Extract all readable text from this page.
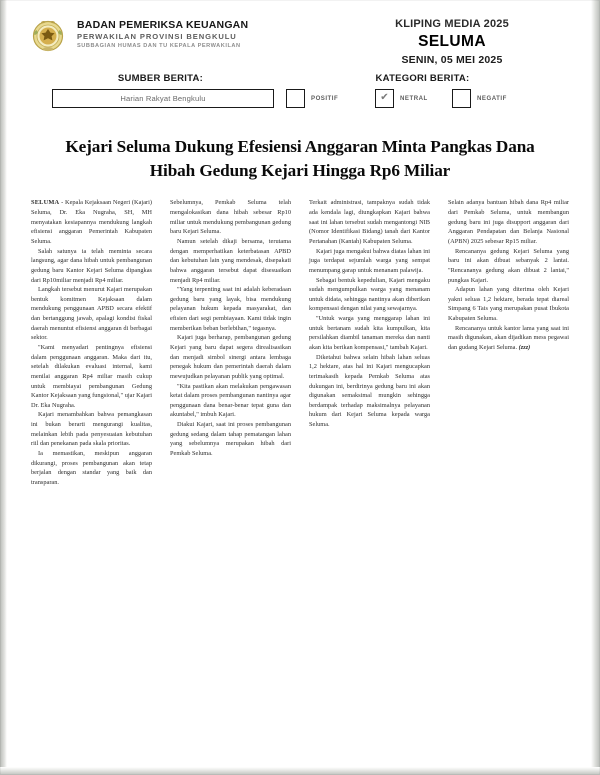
BADAN PEMERIKSA KEUANGAN
PERWAKILAN PROVINSI BENGKULU
SUBBAGIAN HUMAS DAN TU KEPALA PERWAKILAN
KLIPING MEDIA 2025
SELUMA
SENIN, 05 MEI 2025
SUMBER BERITA:
Harian Rakyat Bengkulu
KATEGORI BERITA:
POSITIF	✔ NETRAL	NEGATIF
Kejari Seluma Dukung Efesiensi Anggaran Minta Pangkas Dana Hibah Gedung Kejari Hingga Rp6 Miliar

SELUMA - Kepala Kejaksaan Negeri (Kajari) Seluma, Dr. Eka Nugraha, SH, MH menyatakan kesiapannya mendukung langkah efisiensi anggaran Pemerintah Kabupaten Seluma.

Salah satunya ia telah meminta secara langsung, agar dana hibah untuk pembangunan gedung baru Kantor Kejari Seluma dipangkas dari Rp10miliar menjadi Rp4 miliar.

Langkah tersebut menurut Kajari merupakan bentuk komitmen Kejaksaan dalam mendukung penggunaan APBD secara efektif dan bertanggung jawab, apalagi kondisi fiskal daerah menuntut efisiensi anggaran di berbagai sektor.

"Kami menyadari pentingnya efisiensi dalam penggunaan anggaran. Maka dari itu, setelah dilakukan evaluasi internal, kami menilai anggaran Rp4 miliar masih cukup untuk membiayai pembangunan Gedung Kantor Kejaksaan yang fungsional," ujar Kajari Dr. Eka Nugraha.

Kajari menambahkan bahwa pemangkasan ini bukan berarti mengurangi kualitas, melainkan lebih pada penyesuaian kebutuhan riil dan penekanan pada skala prioritas.

Ia memastikan, meskipun anggaran dikurangi, proses pembangunan akan tetap berjalan dengan standar yang baik dan transparan.

Sebelumnya, Pemkab Seluma telah mengalokasikan dana hibah sebesar Rp10 miliar untuk mendukung pembangunan gedung baru Kejari Seluma.

Namun setelah dikaji bersama, terutama dengan memperhatikan keterbatasan APBD dan kebutuhan lain yang mendesak, disepakati bahwa anggaran tersebut dapat disesuaikan menjadi Rp4 miliar.

"Yang terpenting saat ini adalah keberadaan gedung baru yang layak, bisa mendukung pelayanan hukum kepada masyarakat, dan efisien dari segi pembiayaan. Kami tidak ingin memberikan beban berlebihan," tegasnya.

Kajari juga berharap, pembangunan gedung Kejari yang baru dapat segera direalisasikan dan menjadi simbol sinergi antara lembaga penegak hukum dan pemerintah daerah dalam mewujudkan pelayanan publik yang optimal.

"Kita pastikan akan melakukan pengawasan ketat dalam proses pembangunan nantinya agar penggunaan dana benar-benar tepat guna dan akuntabel," imbuh Kajari.

Diakui Kajari, saat ini proses pembangunan gedung sedang dalam tahap pematangan lahan yang sebelumnya merupakan hibah dari Pemkab Seluma.

Terkait administrasi, tampaknya sudah tidak ada kendala lagi, diungkapkan Kajari bahwa saat ini lahan tersebut sudah mengantongi NIB (Nomor Identifikasi Bidang) tanah dari Kantor Pertanahan (Kantah) Kabupaten Seluma.

Kajari juga mengakui bahwa diatas lahan ini juga terdapat sejumlah warga yang sempat menumpang garap untuk menanam palawija.

Sebagai bentuk kepedulian, Kajari mengaku sudah mengumpulkan warga yang menanam untuk didata, sehingga nantinya akan diberikan kompensasi dengan nilai yang sewajarnya.

"Untuk warga yang menggarap lahan ini untuk bertanam sudah kita kumpulkan, kita persilahkan diambil tanaman mereka dan nanti akan kita berikan kompensasi," tambah Kajari.

Diketahui bahwa selain hibah lahan seluas 1,2 hektare, atas hal ini Kajari mengucapkan terimakasih kepada Pemkab Seluma atas dukungan ini, berdirinya gedung baru ini akan digunakan semaksimal mungkin sehingga berdampak terhadap maksimalnya pelayanan hukum dari Kejari Seluma kepada warga Seluma.

Selain adanya bantuan hibah dana Rp4 miliar dari Pemkab Seluma, untuk membangun gedung baru ini juga disupport anggaran dari Anggaran Pendapatan dan Belanja Nasional (APBN) 2025 sebesar Rp15 miliar.

Rencananya gedung Kejari Seluma yang baru ini akan dibuat sebanyak 2 lantai. "Rencananya gedung akan dibuat 2 lantai," pungkas Kajari.

Adapun lahan yang diterima oleh Kejari yakni seluas 1,2 hektare, berada tepat diareal Simpang 6 Tais yang merupakan pusat Ibukota Kabupaten Seluma.

Rencananya untuk kantor lama yang saat ini masih digunakan, akan dijadikan mess pegawai dan gudang Kejari Seluma. (zzz)
